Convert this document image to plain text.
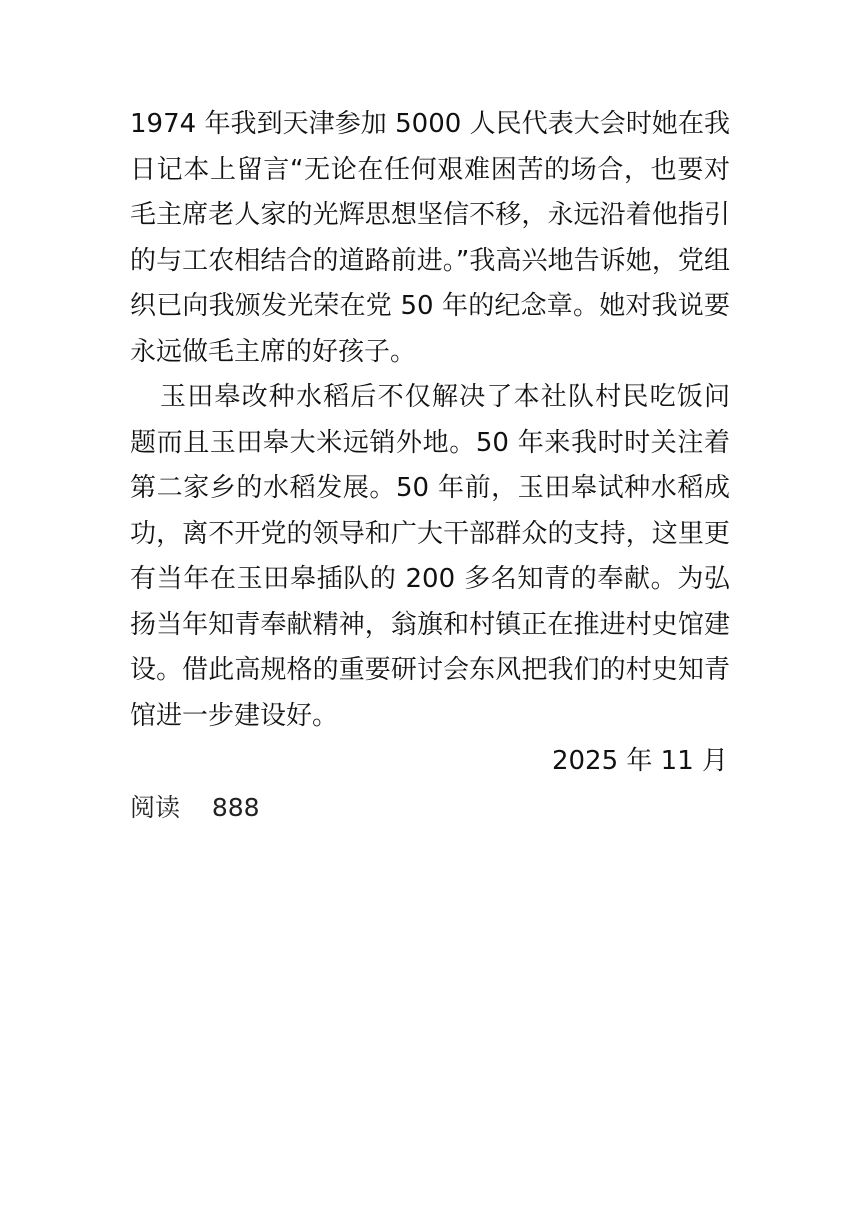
1974 年我到天津参加 5000 人民代表大会时她在我日记本上留言“无论在任何艰难困苦的场合，也要对毛主席老人家的光辉思想坚信不移，永远沿着他指引的与工农相结合的道路前进。”我高兴地告诉她，党组织已向我颁发光荣在党 50 年的纪念章。她对我说要永远做毛主席的好孩子。

玉田皋改种水稻后不仅解决了本社队村民吃饭问题而且玉田皋大米远销外地。50 年来我时时关注着第二家乡的水稻发展。50 年前，玉田皋试种水稻成功，离不开党的领导和广大干部群众的支持，这里更有当年在玉田皋插队的 200 多名知青的奉献。为弘扬当年知青奉献精神，翁旗和村镇正在推进村史馆建设。借此高规格的重要研讨会东风把我们的村史知青馆进一步建设好。

2025 年 11 月

阅读 888
